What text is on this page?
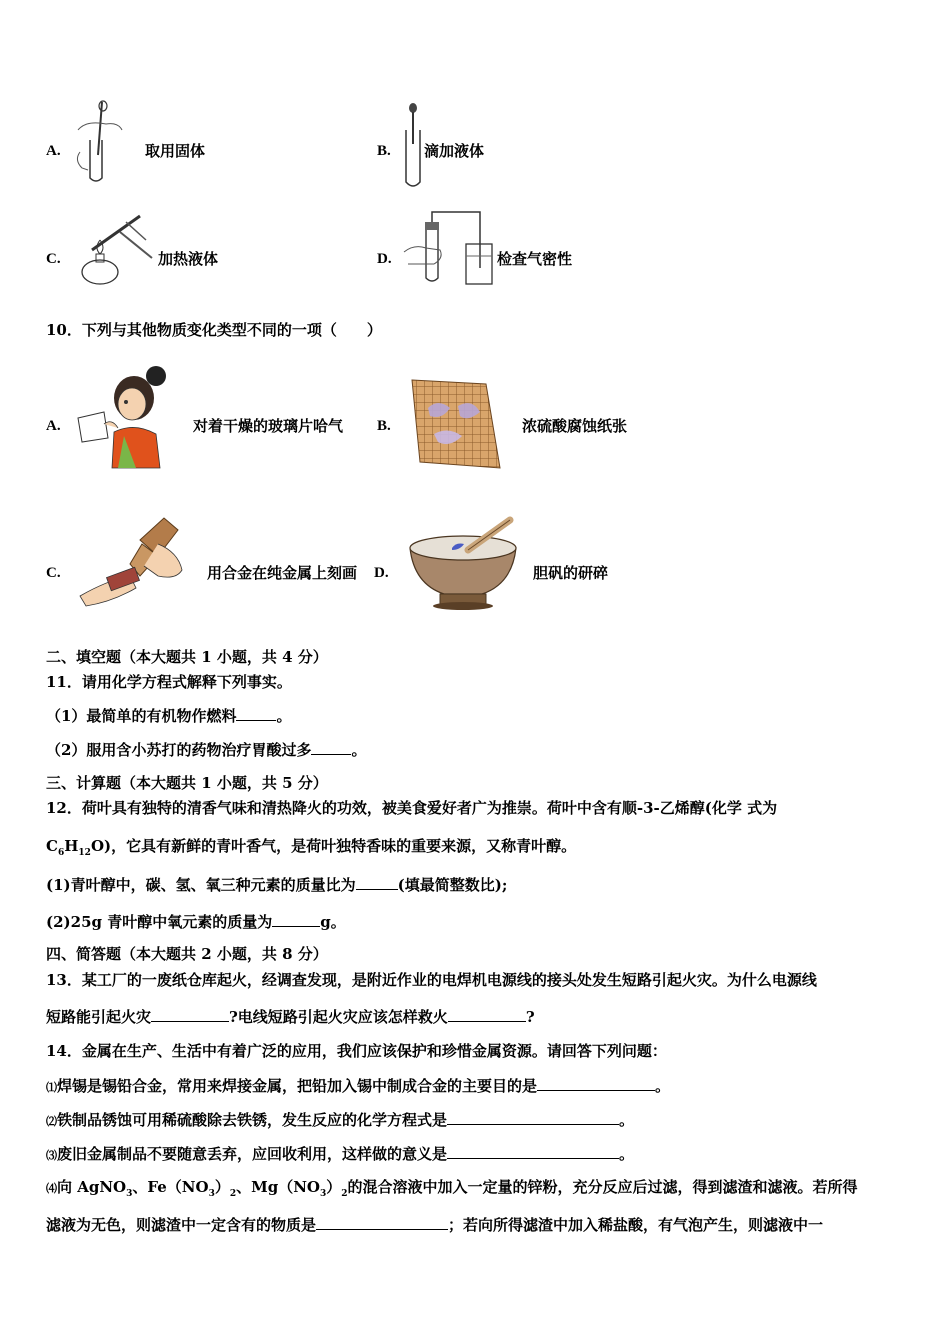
A.	取用固体	B. 滴加液体
C.	加热液体	D.	检查气密性
10．下列与其他物质变化类型不同的一项（　　）
A.	对着干燥的玻璃片哈气 B.	浓硫酸腐蚀纸张
C.	用合金在纯金属上刻画 D.	胆矾的研碎
二、填空题（本大题共 1 小题，共 4 分）
11．请用化学方程式解释下列事实。
（1）最简单的有机物作燃料	。
（2）服用含小苏打的药物治疗胃酸过多	。
三、计算题（本大题共 1 小题，共 5 分）
12．荷叶具有独特的清香气味和清热降火的功效，被美食爱好者广为推崇。荷叶中含有顺-3-乙烯醇(化学 式为
$C_6H_{12}O$)，它具有新鲜的青叶香气，是荷叶独特香味的重要来源，又称青叶醇。
(1)青叶醇中，碳、氢、氧三种元素的质量比为	(填最简整数比);
(2)25g 青叶醇中氧元素的质量为	g。
四、简答题（本大题共 2 小题，共 8 分）
13．某工厂的一废纸仓库起火，经调查发现，是附近作业的电焊机电源线的接头处发生短路引起火灾。为什么电源线
短路能引起火灾	?电线短路引起火灾应该怎样救火	?
14．金属在生产、生活中有着广泛的应用，我们应该保护和珍惜金属资源。请回答下列问题：
⑴焊锡是锡铅合金，常用来焊接金属，把铅加入锡中制成合金的主要目的是	。
⑵铁制品锈蚀可用稀硫酸除去铁锈，发生反应的化学方程式是	。
⑶废旧金属制品不要随意丢弃，应回收利用，这样做的意义是	。
⑷向 AgNO$_3$、$Fe(NO_3)_2$、$Mg(NO_3)_2$的混合溶液中加入一定量的锌粉，充分反应后过滤，得到滤渣和滤液。若所得
滤液为无色，则滤渣中一定含有的物质是	；若向所得滤渣中加入稀盐酸，有气泡产生，则滤液中一
